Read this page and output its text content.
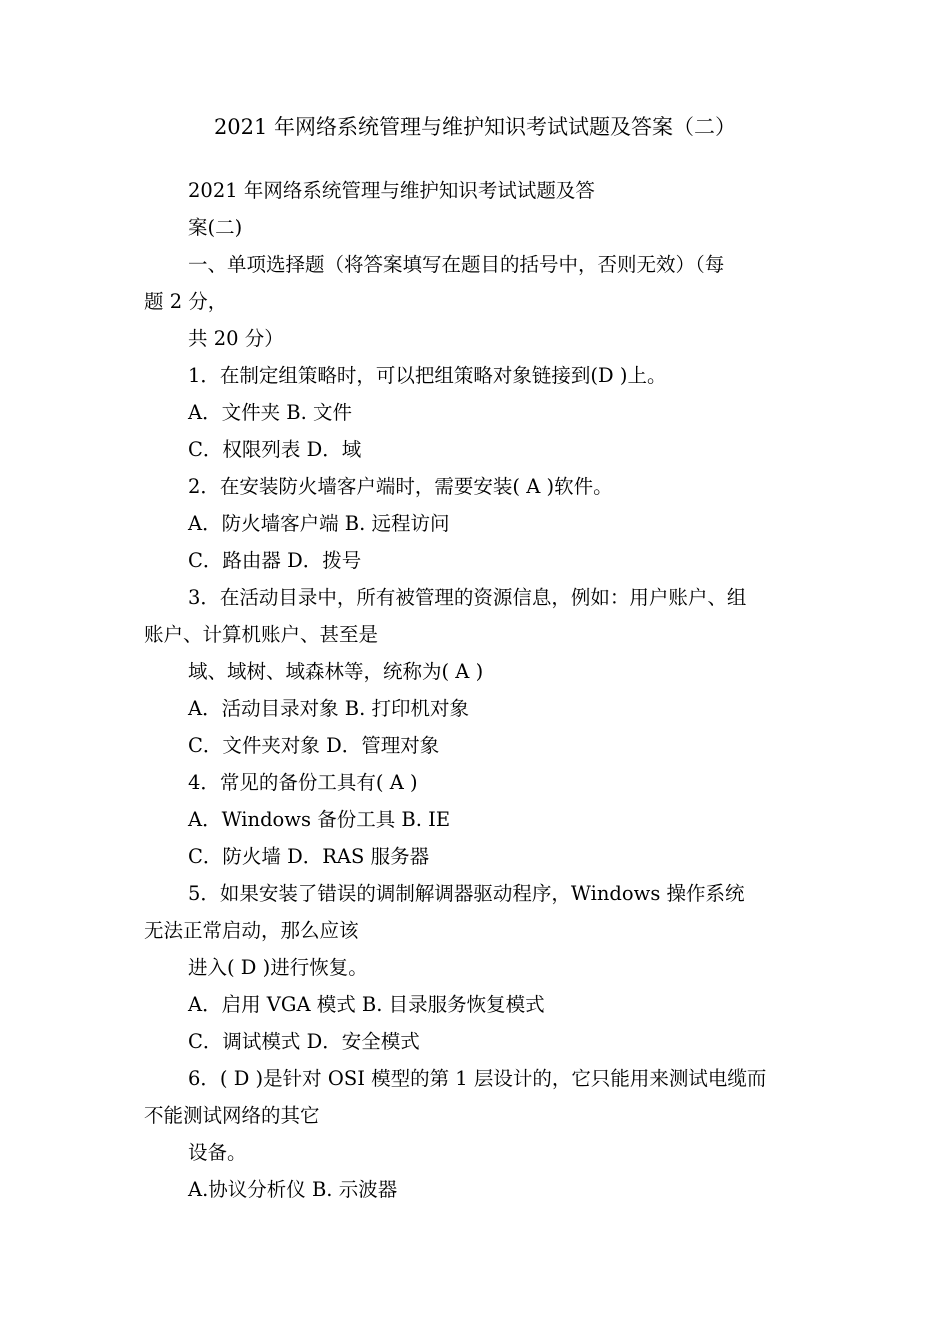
2021 年网络系统管理与维护知识考试试题及答案（二）
2021 年网络系统管理与维护知识考试试题及答
案(二)
一、单项选择题（将答案填写在题目的括号中，否则无效）（每
题 2 分，
共 20 分）
1．在制定组策略时，可以把组策略对象链接到(D )上。
A．文件夹 B. 文件
C．权限列表 D．域
2．在安装防火墙客户端时，需要安装( A )软件。
A．防火墙客户端 B. 远程访问
C．路由器 D．拨号
3．在活动目录中，所有被管理的资源信息，例如：用户账户、组
账户、计算机账户、甚至是
域、域树、域森林等，统称为( A )
A．活动目录对象 B. 打印机对象
C．文件夹对象 D．管理对象
4．常见的备份工具有( A )
A．Windows 备份工具 B. IE
C．防火墙 D．RAS 服务器
5．如果安装了错误的调制解调器驱动程序，Windows 操作系统
无法正常启动，那么应该
进入( D )进行恢复。
A．启用 VGA 模式 B. 目录服务恢复模式
C．调试模式 D．安全模式
6．( D )是针对 OSI 模型的第 1 层设计的，它只能用来测试电缆而
不能测试网络的其它
设备。
A.协议分析仪 B. 示波器
